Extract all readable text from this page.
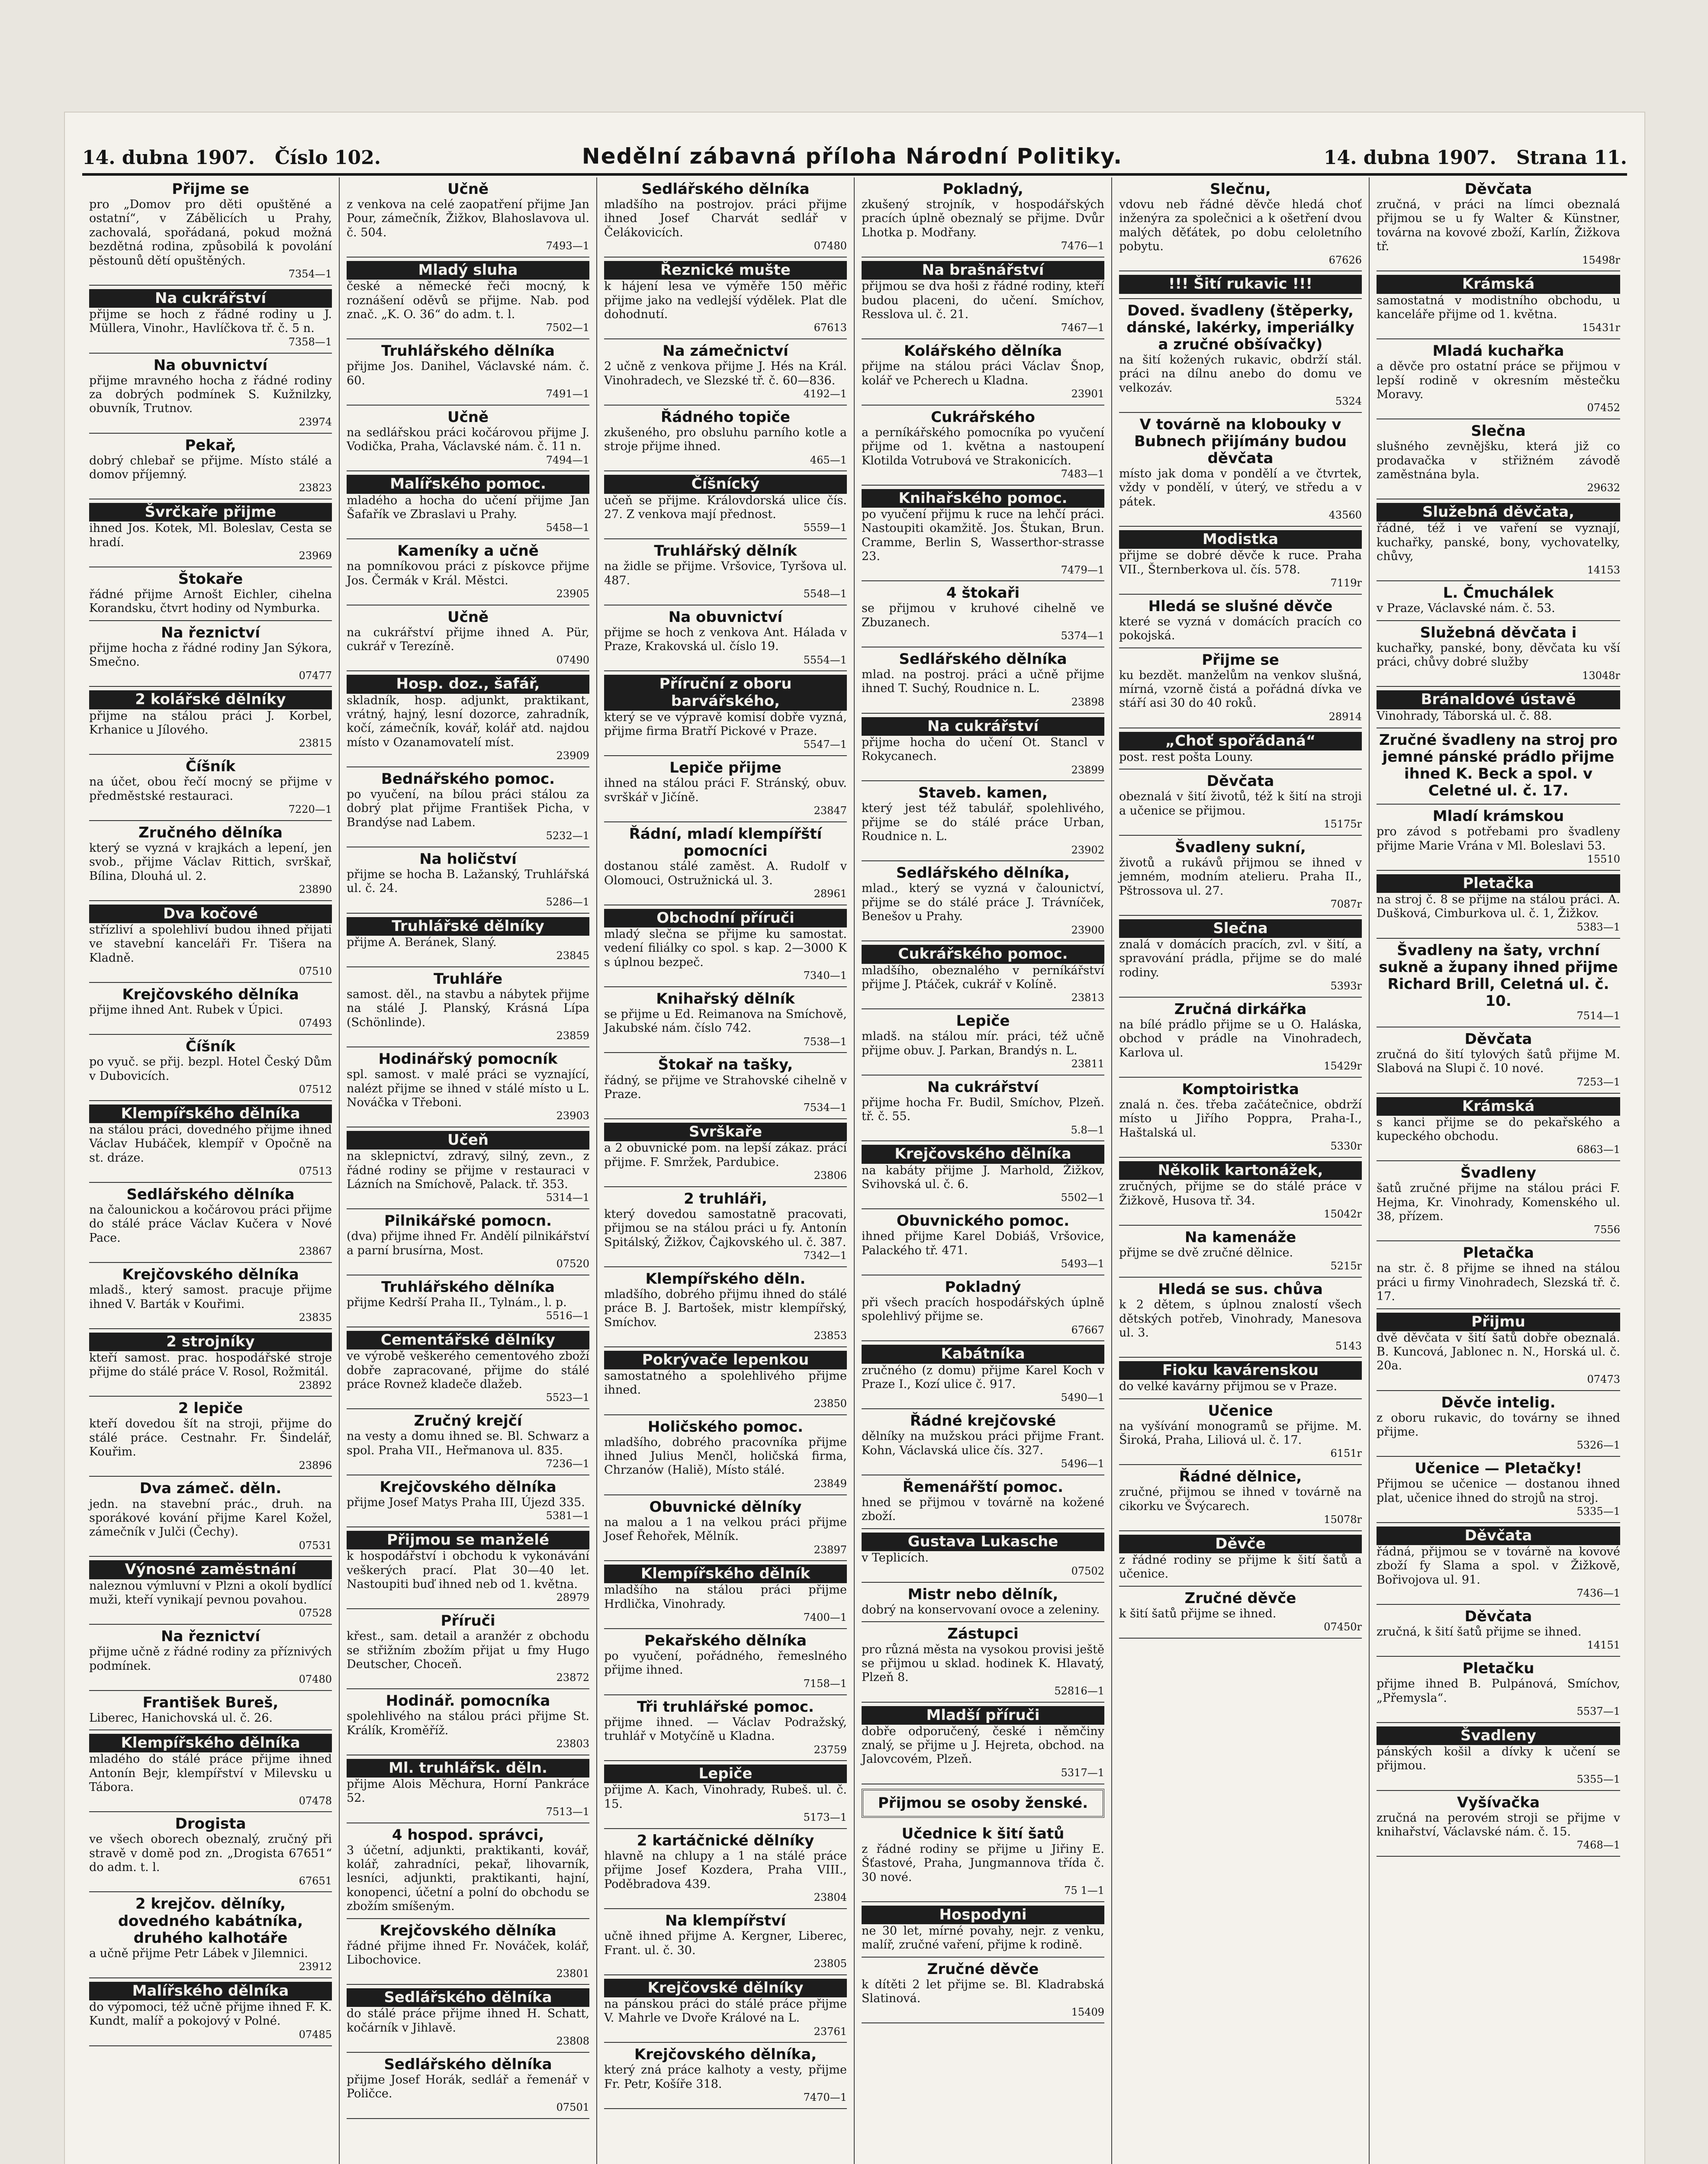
14. dubna 1907. Číslo 102.	Nedělní zábavná příloha Národní Politiky.	14. dubna 1907. Strana 11.
Přijme se
pro „Domov pro děti opuštěné a ostatní“, v Zábělicích u Prahy, zachovalá, spořádaná, pokud možná bezdětná rodina, způsobilá k povolání pěstounů dětí opuštěných.
7354—1
Na cukrářství
přijme se hoch z řádné rodiny u J. Müllera, Vinohr., Havlíčkova tř. č. 5 n.
7358—1
Na obuvnictví
přijme mravného hocha z řádné rodiny za dobrých podmínek S. Kužnilzky, obuvník, Trutnov.
23974
Pekař,
dobrý chlebař se přijme. Místo stálé a domov příjemný.
23823
Švrčkaře přijme
ihned Jos. Kotek, Ml. Boleslav, Cesta se hradí.
23969
Štokaře
řádné přijme Arnošt Eichler, cihelna Korandsku, čtvrt hodiny od Nymburka.
Na řeznictví
přijme hocha z řádné rodiny Jan Sýkora, Smečno.
07477
2 kolářské dělníky
přijme na stálou práci J. Korbel, Krhanice u Jílového.
23815
Číšník
na účet, obou řečí mocný se přijme v předměstské restauraci.
7220—1
Zručného dělníka
který se vyzná v krajkách a lepení, jen svob., přijme Václav Rittich, svrškař, Bílina, Dlouhá ul. 2.
23890
Dva kočové
střízliví a spolehliví budou ihned přijati ve stavební kanceláři Fr. Tišera na Kladně.
07510
Krejčovského dělníka
přijme ihned Ant. Rubek v Úpici.
07493
Číšník
po vyuč. se přij. bezpl. Hotel Český Dům v Dubovicích.
07512
Klempířského dělníka
na stálou práci, dovednéhо přijme ihned Václav Hubáček, klempíř v Opočně na st. dráze.
07513
Sedlářského dělníka
na čalounickou a kočárovou práci přijme do stálé práce Václav Kučera v Nové Pace.
23867
Krejčovského dělníka
mladš., který samost. pracuje přijme ihned V. Barták v Kouřimi.
23835
2 strojníky
kteří samost. prac. hospodářské stroje přijme do stálé práce V. Rosol, Rožmitál.
23892
2 lepiče
kteří dovedou šít na stroji, přijme do stálé práce. Cestnahr. Fr. Šindelář, Kouřim.
23896
Dva zámeč. děln.
jedn. na stavební prác., druh. na sporákové kování přijme Karel Kožel, zámečník v Julči (Čechy).
07531
Výnosné zaměstnání
naleznou výmluvní v Plzni a okolí bydlící muži, kteří vynikají pevnou povahou.
07528
Na řeznictví
přijme učně z řádné rodiny za příznivých podmínek.
07480
František Bureš,
Liberec, Hanichovská ul. č. 26.
Klempířského dělníka
mladého do stálé práce přijme ihned Antonín Bejr, klempířství v Milevsku u Tábora.
07478
Drogista
ve všech oborech obeznalý, zručný při stravě v domě pod zn. „Drogista 67651“ do adm. t. l.
67651
2 krejčov. dělníky, dovedného kabátníka, druhého kalhotáře
a učně přijme Petr Lábek v Jilemnici.
23912
Malířského dělníka
do výpomoci, též učně přijme ihned F. K. Kundt, malíř a pokojový v Polné.
07485
Učně
z venkova na celé zaopatření přijme Jan Pour, zámečník, Žižkov, Blahoslavova ul. č. 504.
7493—1
Mladý sluha
české a německé řeči mocný, k roznášení oděvů se přijme. Nab. pod znač. „K. O. 36“ do adm. t. l.
7502—1
Truhlářského dělníka
přijme Jos. Danihel, Václavské nám. č. 60.
7491—1
Učně
na sedlářskou práci kočárovou přijme J. Vodička, Praha, Václavské nám. č. 11 n.
7494—1
Malířského pomoc.
mladého a hocha do učení přijme Jan Šafařík ve Zbraslavi u Prahy.
5458—1
Kameníky a učně
na pomníkovou práci z pískovce přijme Jos. Čermák v Král. Městci.
23905
Učně
na cukrářství přijme ihned A. Pür, cukrář v Terezíně.
07490
Hosp. doz., šafář,
skladník, hosp. adjunkt, praktikant, vrátný, hajný, lesní dozorce, zahradník, kočí, zámečník, kovář, kolář atd. najdou místo v Ozanamovatelí míst.
23909
Bednářského pomoc.
po vyučení, na bílou práci stálou za dobrý plat přijme František Picha, v Brandýse nad Labem.
5232—1
Na holičství
přijme se hocha B. Lažanský, Truhlářská ul. č. 24.
5286—1
Truhlářské dělníky
přijme A. Beránek, Slaný.
23845
Truhláře
samost. děl., na stavbu a nábytek přijme na stálé J. Planský, Krásná Lípa (Schönlinde).
23859
Hodinářský pomocník
spl. samost. v malé práci se vyznající, nalézt přijme se ihned v stálé místo u L. Nováčka v Třeboni.
23903
Učeň
na sklepnictví, zdravý, silný, zevn., z řádné rodiny se přijme v restauraci v Lázních na Smíchově, Palack. tř. 353.
5314—1
Pilnikářské pomocn.
(dva) přijme ihned Fr. Andělí pilnikářství a parní brusírna, Most.
07520
Truhlářského dělníka
přijme Kedrší Praha II., Tylnám., l. p.
5516—1
Cementářské dělníky
ve výrobě veškerého cementového zboží dobře zapracované, přijme do stálé práce Rovnež kladeče dlažeb.
5523—1
Zručný krejčí
na vesty a domu ihned se. Bl. Schwarz a spol. Praha VII., Heřmanova ul. 835.
7236—1
Krejčovského dělníka
přijme Josef Matys Praha III, Újezd 335.
5381—1
Přijmou se manželé
k hospodářství i obchodu k vykonávání veškerých prací. Plat 30—40 let. Nastoupiti buď ihned neb od 1. května.
28979
Příruči
křest., sam. detail a aranžér z obchodu se střižním zbožím přijat u fmy Hugo Deutscher, Choceň.
23872
Hodinář. pomocníka
spolehlivého na stálou práci přijme St. Králík, Kroměříž.
23803
Ml. truhlářsk. děln.
přijme Alois Měchura, Horní Pankráce 52.
7513—1
4 hospod. správci,
3 účetní, adjunkti, praktikanti, kovář, kolář, zahradníci, pekař, lihovarník, lesníci, adjunkti, praktikanti, hajní, konopenci, účetní a polní do obchodu se zbožím smíšeným.
Krejčovského dělníka
řádné přijme ihned Fr. Nováček, kolář, Libochovice.
23801
Sedlářského dělníka
do stálé práce přijme ihned H. Schatt, kočárník v Jihlavě.
23808
Sedlářského dělníka
přijme Josef Horák, sedlář a řemenář v Poličce.
07501
Sedlářského dělníka
mladšího na postrojov. práci přijme ihned Josef Charvát sedlář v Čelákovicích.
07480
Řeznické mušte
k hájení lesa ve výměře 150 měřic přijme jako na vedlejší výdělek. Plat dle dohodnutí.
67613
Na zámečnictví
2 učně z venkova přijme J. Hés na Král. Vinohradech, ve Slezské tř. č. 60—836.
4192—1
Řádného topiče
zkušeného, pro obsluhu parního kotle a stroje přijme ihned.
465—1
Číšnícký
učeň se přijme. Královdorská ulice čís. 27. Z venkova mají přednost.
5559—1
Truhlářský dělník
na židle se přijme. Vršovice, Tyršova ul. 487.
5548—1
Na obuvnictví
přijme se hoch z venkova Ant. Hálada v Praze, Krakovská ul. číslo 19.
5554—1
Příruční z oboru barvářského,
který se ve výpravě komisí dobře vyzná, přijme firma Bratří Pickové v Praze.
5547—1
Lepiče přijme
ihned na stálou práci F. Stránský, obuv. svrškář v Jičíně.
23847
Řádní, mladí klempířští pomocníci
dostanou stálé zaměst. A. Rudolf v Olomouci, Ostružnická ul. 3.
28961
Obchodní příruči
mladý slečna se přijme ku samostat. vedení filiálky co spol. s kap. 2—3000 K s úplnou bezpeč.
7340—1
Knihařský dělník
se přijme u Ed. Reimanova na Smíchově, Jakubské nám. číslo 742.
7538—1
Štokař na tašky,
řádný, se přijme ve Strahovské cihelně v Praze.
7534—1
Svrškaře
a 2 obuvnické pom. na lepší zákaz. prácí přijme. F. Smržek, Pardubice.
23806
2 truhláři,
který dovedou samostatně pracovati, přijmou se na stálou práci u fy. Antonín Spitálský, Žižkov, Čajkovského ul. č. 387.
7342—1
Klempířského děln.
mladšího, dobrého přijmu ihned do stálé práce B. J. Bartošek, mistr klempířský, Smíchov.
23853
Pokrývače lepenkou
samostatného a spolehlivého přijme ihned.
23850
Holičského pomoc.
mladšího, dobrého pracovníka přijme ihned Julius Menčl, holičská firma, Chrzanów (Haliě), Místo stálé.
23849
Obuvnické dělníky
na malou a 1 na velkou práci přijme Josef Řehořek, Mělník.
23897
Klempířského dělník
mladšího na stálou práci přijme Hrdlička, Vinohrady.
7400—1
Pekařského dělníka
po vyučení, pořádného, řemeslného přijme ihned.
7158—1
Tři truhlářské pomoc.
přijme ihned. — Václav Podražský, truhlář v Motyčíně u Kladna.
23759
Lepiče
přijme A. Kach, Vinohrady, Rubeš. ul. č. 15.
5173—1
2 kartáčnické dělníky
hlavně na chlupy a 1 na stálé práce přijme Josef Kozdera, Praha VIII., Poděbradova 439.
23804
Na klempířství
učně ihned přijme A. Kergner, Liberec, Frant. ul. č. 30.
23805
Krejčovské dělníky
na pánskou práci do stálé práce přijme V. Mahrle ve Dvoře Králové na L.
23761
Krejčovského dělníka,
který zná práce kalhoty a vesty, přijme Fr. Petr, Košíře 318.
7470—1
Pokladný,
zkušený strojník, v hospodářských pracích úplně obeznalý se přijme. Dvůr Lhotka p. Modřany.
7476—1
Na brašnářství
přijmou se dva hoši z řádné rodiny, kteří budou placeni, do učení. Smíchov, Resslova ul. č. 21.
7467—1
Kolářského dělníka
přijme na stálou práci Václav Šnop, kolář ve Pcherech u Kladna.
23901
Cukrářského
a perníkářského pomocníka po vyučení přijme od 1. května a nastoupení Klotilda Votrubová ve Strakonicích.
7483—1
Knihařského pomoc.
po vyučení přijmu k ruce na lehčí práci. Nastoupiti okamžitě. Jos. Štukan, Brun. Cramme, Berlin S, Wasserthor-strasse 23.
7479—1
4 štokaři
se přijmou v kruhové cihelně ve Zbuzanech.
5374—1
Sedlářského dělníka
mlad. na postroj. práci a učně přijme ihned T. Suchý, Roudnice n. L.
23898
Na cukrářství
přijme hocha do učení Ot. Stancl v Rokycanech.
23899
Staveb. kamen,
který jest též tabulář, spolehlivého, přijme se do stálé práce Urban, Roudnice n. L.
23902
Sedlářského dělníka,
mlad., který se vyzná v čalounictví, přijme se do stálé práce J. Trávníček, Benešov u Prahy.
23900
Cukrářského pomoc.
mladšího, obeznalého v perníkářství přijme J. Ptáček, cukrář v Kolíně.
23813
Lepiče
mladš. na stálou mír. práci, též učně přijme obuv. J. Parkan, Brandýs n. L.
23811
Na cukrářství
přijme hocha Fr. Budil, Smíchov, Plzeň. tř. č. 55.
5.8—1
Krejčovského dělníka
na kabáty přijme J. Marhold, Žižkov, Svihovská ul. č. 6.
5502—1
Obuvnického pomoc.
ihned přijme Karel Dobiáš, Vršovice, Palackého tř. 471.
5493—1
Pokladný
při všech pracích hospodářských úplně spolehlivý přijme se.
67667
Kabátníka
zručného (z domu) přijme Karel Koch v Praze I., Kozí ulice č. 917.
5490—1
Řádné krejčovské
dělníky na mužskou práci přijme Frant. Kohn, Václavská ulice čís. 327.
5496—1
Řemenářští pomoc.
hned se přijmou v továrně na kožené zboží.
Gustava Lukasche
v Teplicích.
07502
Mistr nebo dělník,
dobrý na konservovaní ovoce a zeleniny.
Zástupci
pro různá města na vysokou provisi ještě se přijmou u sklad. hodinek K. Hlavatý, Plzeň 8.
52816—1
Mladší příruči
dobře odporučený, české i němčiny znalý, se přijme u J. Hejreta, obchod. na Jalovcovém, Plzeň.
5317—1
Přijmou se osoby ženské.
Učednice k šití šatů
z řádné rodiny se přijme u Jiřiny E. Šťastové, Praha, Jungmannova třída č. 30 nové.
75 1—1
Hospodyni
ne 30 let, mírné povahy, nejr. z venku, malíř, zručné vaření, přijme k rodině.
Zručné děvče
k dítěti 2 let přijme se. Bl. Kladrabská Slatinová.
15409
Slečnu,
vdovu neb řádné děvče hledá choť inženýra za společnici a k ošetření dvou malých děťátek, po dobu celoletního pobytu.
67626
!!! Šití rukavic !!!
Doved. švadleny (štěperky, dánské, lakérky, imperiálky a zručné obšívačky)
na šití kožených rukavic, obdrží stál. práci na dílnu anebo do domu ve velkozáv.
5324
V továrně na klobouky v Bubnech přijímány budou děvčata
místo jak doma v pondělí a ve čtvrtek, vždy v pondělí, v úterý, ve středu a v pátek.
43560
Modistka
přijme se dobré děvče k ruce. Praha VII., Šternberkova ul. čís. 578.
7119r
Hledá se slušné děvče
které se vyzná v domácích pracích co pokojská.
Přijme se
ku bezdět. manželům na venkov slušná, mírná, vzorně čistá a pořádná dívka ve stáří asi 30 do 40 roků.
28914
„Choť spořádaná“
post. rest pošta Louny.
Děvčata
obeznalá v šití životů, též k šití na stroji a učenice se přijmou.
15175r
Švadleny sukní,
životů a rukávů přijmou se ihned v jemném, modním atelieru. Praha II., Pštrossova ul. 27.
7087r
Slečna
znalá v domácích pracích, zvl. v šití, a spravování prádla, přijme se do malé rodiny.
5393r
Zručná dirkářka
na bílé prádlo přijme se u O. Haláska, obchod v prádle na Vinohradech, Karlova ul.
15429r
Komptoiristka
znalá n. čes. třeba začátečnice, obdrží místo u Jiřího Poppra, Praha-I., Haštalská ul.
5330r
Několik kartonážek,
zručných, přijme se do stálé práce v Žižkově, Husova tř. 34.
15042r
Na kamenáže
přijme se dvě zručné dělnice.
5215r
Hledá se sus. chůva
k 2 dětem, s úplnou znalostí všech dětských potřeb, Vinohrady, Manesova ul. 3.
5143
Fioku kavárenskou
do velké kavárny přijmou se v Praze.
Učenice
na vyšívání monogramů se přijme. M. Široká, Praha, Liliová ul. č. 17.
6151r
Řádné dělnice,
zručné, přijmou se ihned v továrně na cikorku ve Švýcarech.
15078r
Děvče
z řádné rodiny se přijme k šití šatů a učenice.
Zručné děvče
k šití šatů přijme se ihned.
07450r
Děvčata
zručná, v práci na límci obeznalá přijmou se u fy Walter & Künstner, továrna na kovové zboží, Karlín, Žižkova tř.
15498r
Krámská
samostatná v modistního obchodu, u kanceláře přijme od 1. května.
15431r
Mladá kuchařka
a děvče pro ostatní práce se přijmou v lepší rodině v okresním městečku Moravy.
07452
Slečna
slušného zevnějšku, která již co prodavačka v střižném závodě zaměstnána byla.
29632
Služebná děvčata,
řádné, též i ve vaření se vyznají, kuchařky, panské, bony, vychovatelky, chůvy,
14153
L. Čmuchálek
v Praze, Václavské nám. č. 53.
Služebná děvčata i
kuchařky, panské, bony, děvčata ku vší práci, chůvy dobré služby
13048r
Bránaldové ústavě
Vinohrady, Táborská ul. č. 88.
Zručné švadleny na stroj pro jemné pánské prádlo přijme ihned K. Beck a spol. v Celetné ul. č. 17.
Mladí krámskou
pro závod s potřebami pro švadleny přijme Marie Vrána v Ml. Boleslavi 53.
15510
Pletačka
na stroj č. 8 se přijme na stálou práci. A. Dušková, Cimburkova ul. č. 1, Žižkov.
5383—1
Švadleny na šaty, vrchní sukně a župany ihned přijme Richard Brill, Celetná ul. č. 10.
7514—1
Děvčata
zručná do šití tylových šatů přijme M. Slabová na Slupi č. 10 nové.
7253—1
Krámská
s kanci přijme se do pekařského a kupeckého obchodu.
6863—1
Švadleny
šatů zručné přijme na stálou práci F. Hejma, Kr. Vinohrady, Komenského ul. 38, přízem.
7556
Pletačka
na str. č. 8 přijme se ihned na stálou práci u firmy Vinohradech, Slezská tř. č. 17.
Přijmu
dvě děvčata v šití šatů dobře obeznalá. B. Kuncová, Jablonec n. N., Horská ul. č. 20a.
07473
Děvče intelig.
z oboru rukavic, do továrny se ihned přijme.
5326—1
Učenice — Pletačky!
Přijmou se učenice — dostanou ihned plat, učenice ihned do strojů na stroj.
5335—1
Děvčata
řádná, přijmou se v továrně na kovové zboží fy Slama a spol. v Žižkově, Bořivojova ul. 91.
7436—1
Děvčata
zručná, k šití šatů přijme se ihned.
14151
Pletačku
přijme ihned B. Pulpánová, Smíchov, „Přemysla“.
5537—1
Švadleny
pánských košil a dívky k učení se přijmou.
5355—1
Vyšívačka
zručná na perovém stroji se přijme v knihařství, Václavské nám. č. 15.
7468—1
